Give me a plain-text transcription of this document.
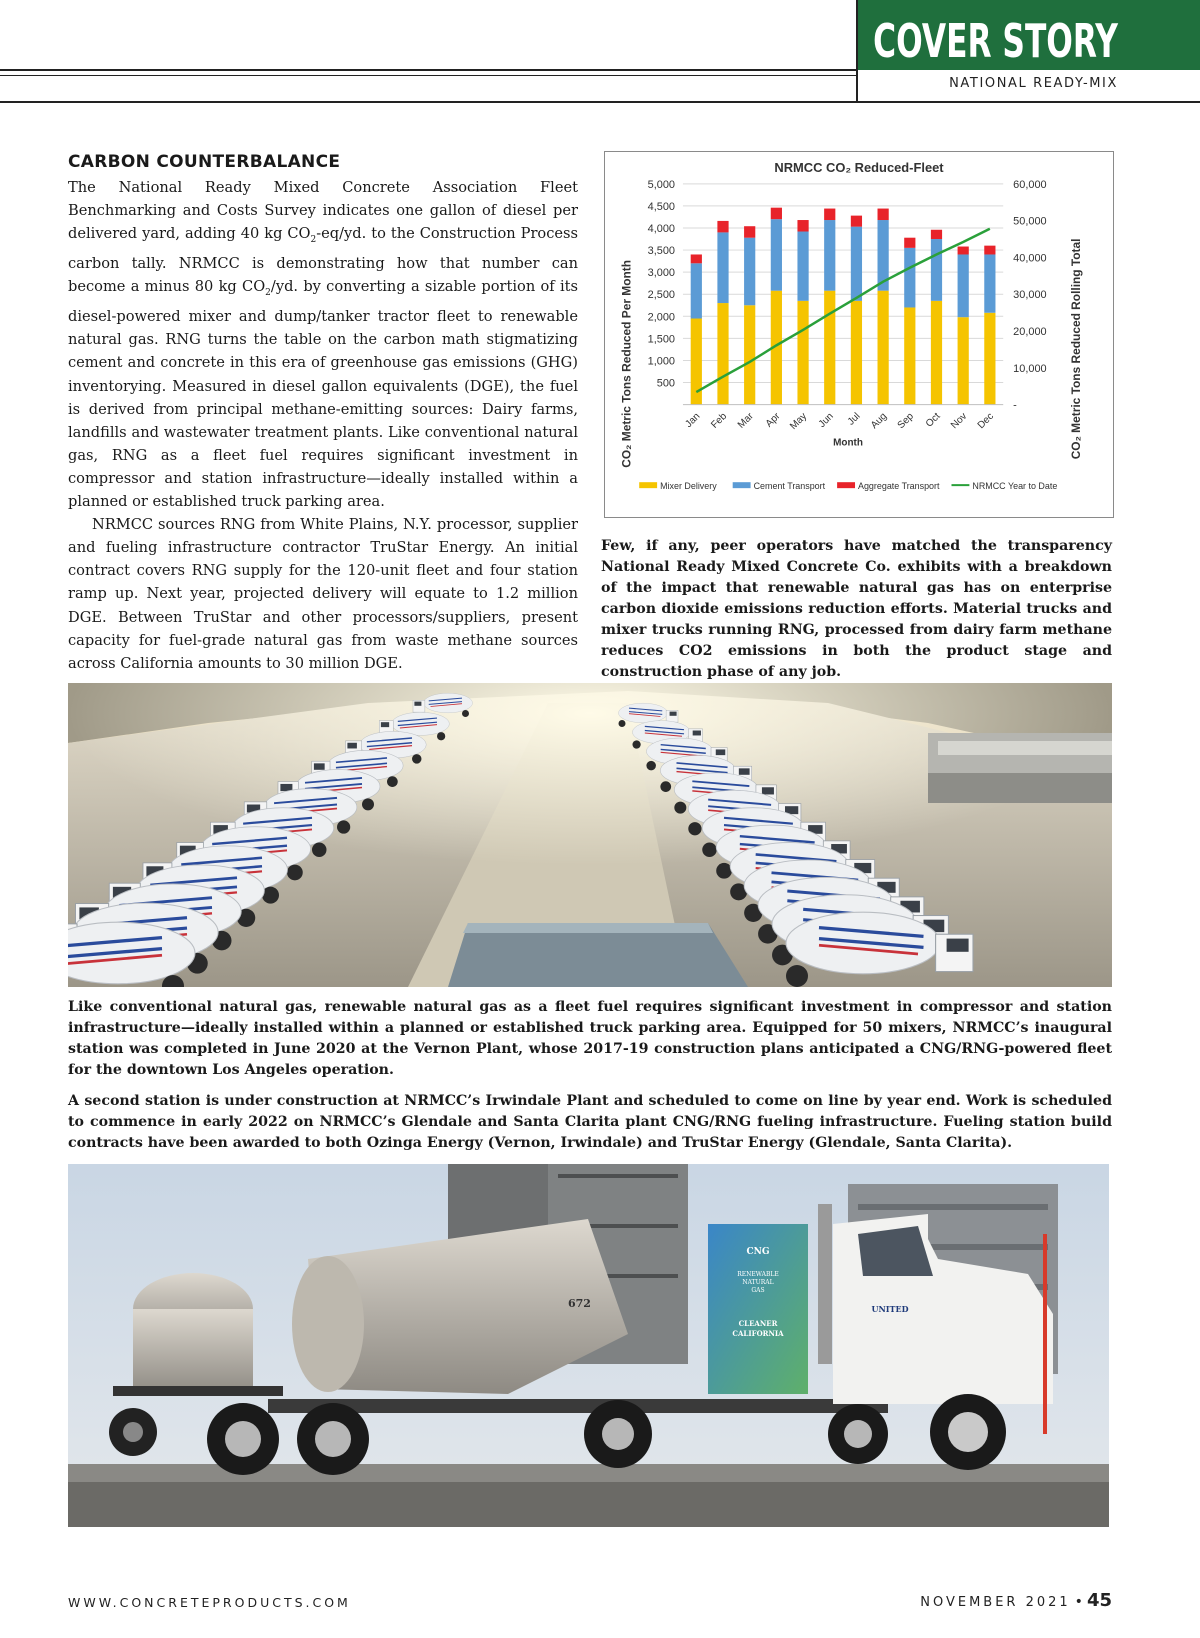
COVER STORY
NATIONAL READY-MIX
CARBON COUNTERBALANCE

The National Ready Mixed Concrete Association Fleet Benchmarking and Costs Survey indicates one gallon of diesel per delivered yard, adding 40 kg $CO_2-eq/yd$. to the Construction Process carbon tally. NRMCC is demonstrating how that number can become a minus 80 kg $CO_2/yd$. by converting a sizable portion of its diesel-powered mixer and dump/tanker tractor fleet to renewable natural gas. RNG turns the table on the carbon math stigmatizing cement and concrete in this era of greenhouse gas emissions (GHG) inventorying. Measured in diesel gallon equivalents (DGE), the fuel is derived from principal methane-emitting sources: Dairy farms, landfills and wastewater treatment plants. Like conventional natural gas, RNG as a fleet fuel requires significant investment in compressor and station infrastructure—ideally installed within a planned or established truck parking area.

NRMCC sources RNG from White Plains, N.Y. processor, supplier and fueling infrastructure contractor TruStar Energy. An initial contract covers RNG supply for the 120-unit fleet and four station ramp up. Next year, projected delivery will equate to 1.2 million DGE. Between TruStar and other processors/suppliers, present capacity for fuel-grade natural gas from waste methane sources across California amounts to 30 million DGE.

NRMCC CO₂ Reduced-Fleet
500
1,000
1,500
2,000
2,500
3,000
3,500
4,000
4,500
5,000
-
10,000
20,000
30,000
40,000
50,000
60,000
Jan Feb Mar Apr May Jun Jul Aug Sep Oct Nov Dec
CO₂ Metric Tons Reduced Per Month	CO₂ Metric Tons Reduced Rolling Total
Month
Mixer Delivery	Cement Transport	Aggregate Transport	NRMCC Year to Date
Few, if any, peer operators have matched the transparency National Ready Mixed Concrete Co. exhibits with a breakdown of the impact that renewable natural gas has on enterprise carbon dioxide emissions reduction efforts. Material trucks and mixer trucks running RNG, processed from dairy farm methane reduces CO2 emissions in both the product stage and construction phase of any job.
Like conventional natural gas, renewable natural gas as a fleet fuel requires significant investment in compressor and station infrastructure—ideally installed within a planned or established truck parking area. Equipped for 50 mixers, NRMCC’s inaugural station was completed in June 2020 at the Vernon Plant, whose 2017-19 construction plans anticipated a CNG/RNG-powered fleet for the downtown Los Angeles operation.
A second station is under construction at NRMCC’s Irwindale Plant and scheduled to come on line by year end. Work is scheduled to commence in early 2022 on NRMCC’s Glendale and Santa Clarita plant CNG/RNG fueling infrastructure. Fueling station build contracts have been awarded to both Ozinga Energy (Vernon, Irwindale) and TruStar Energy (Glendale, Santa Clarita).
672
CNG
RENEWABLE
NATURAL
GAS
CLEANER
CALIFORNIA
UNITED
WWW.CONCRETEPRODUCTS.COM	NOVEMBER 2021 • 45
